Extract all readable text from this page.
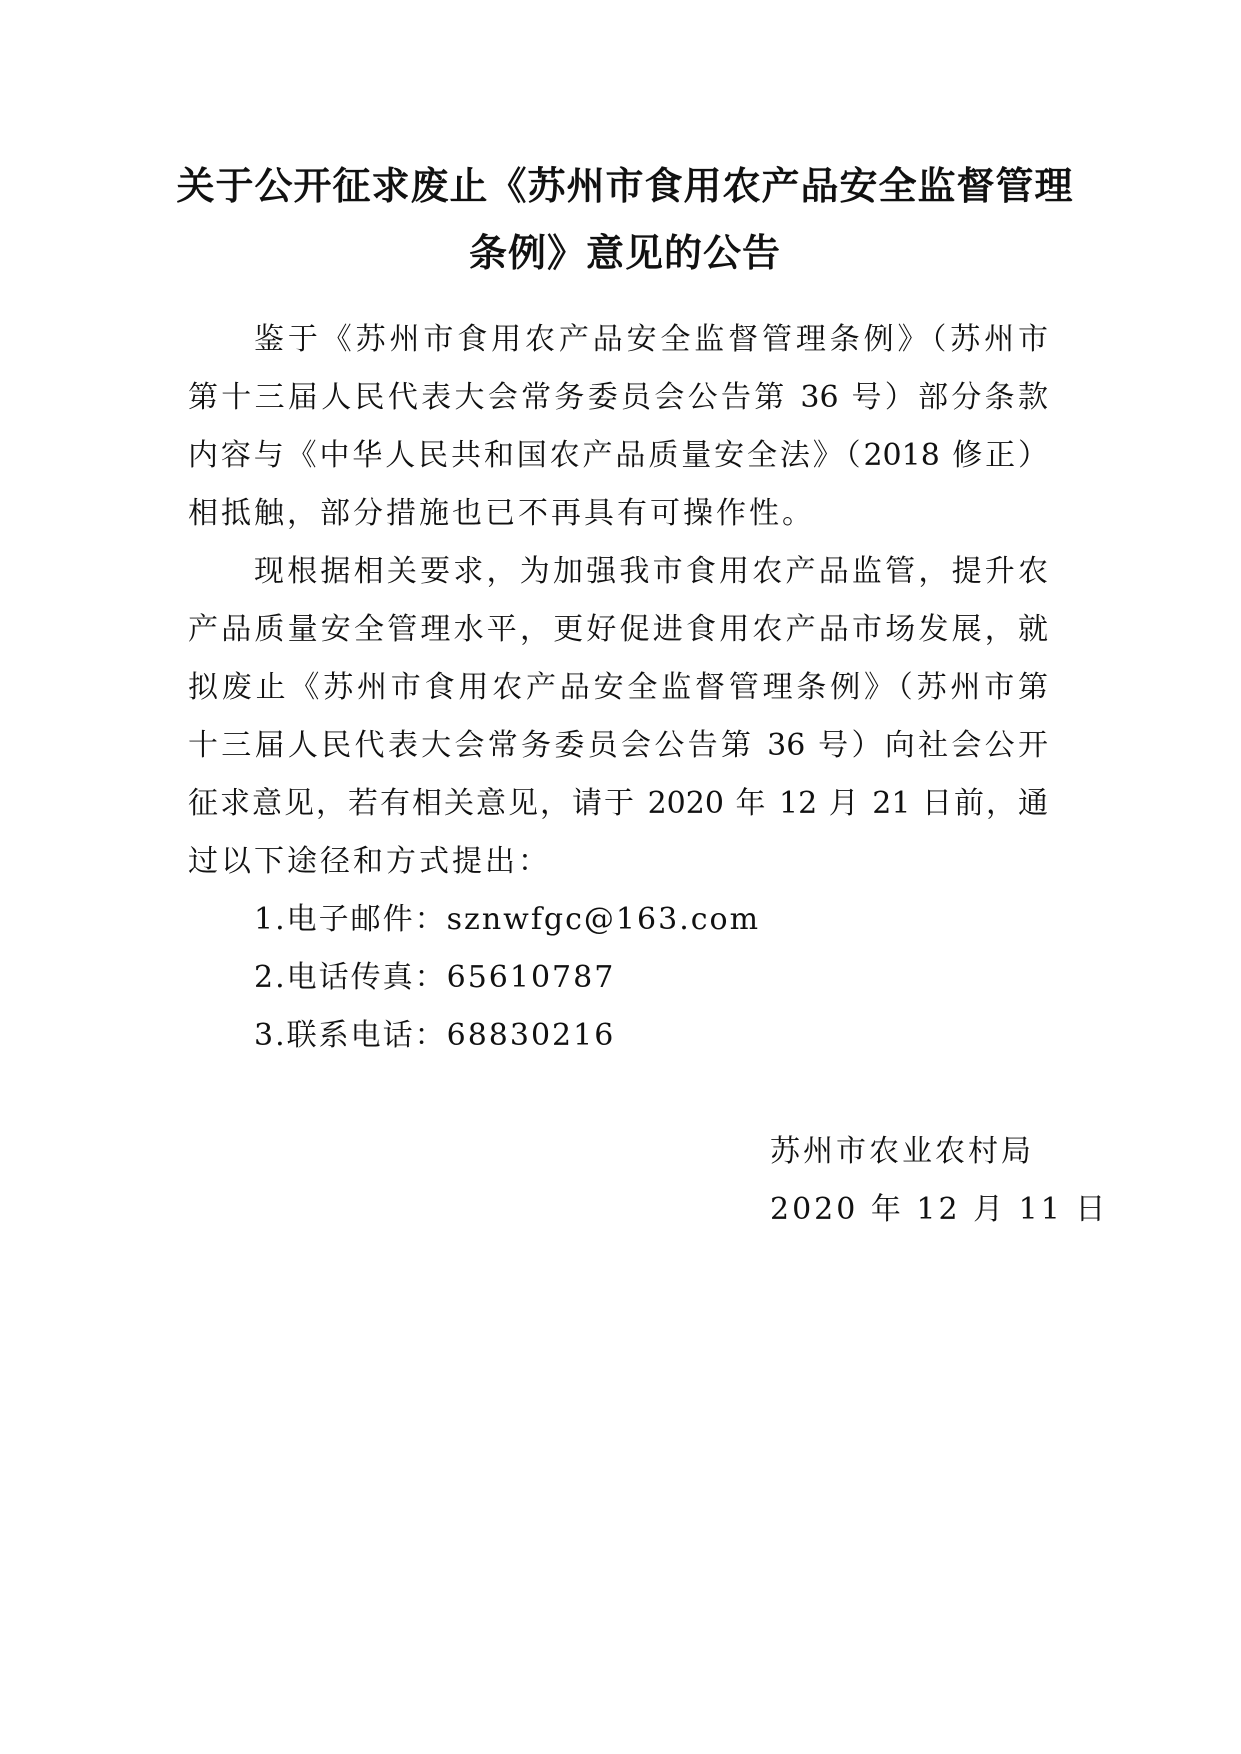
关于公开征求废止《苏州市食用农产品安全监督管理
条例》意见的公告
鉴于《苏州市食用农产品安全监督管理条例》（苏州市
第十三届人民代表大会常务委员会公告第 36 号）部分条款
内容与《中华人民共和国农产品质量安全法》（2018 修正）
相抵触，部分措施也已不再具有可操作性。
现根据相关要求，为加强我市食用农产品监管，提升农
产品质量安全管理水平，更好促进食用农产品市场发展，就
拟废止《苏州市食用农产品安全监督管理条例》（苏州市第
十三届人民代表大会常务委员会公告第 36 号）向社会公开
征求意见，若有相关意见，请于 2020 年 12 月 21 日前，通
过以下途径和方式提出：
1.电子邮件：sznwfgc@163.com
2.电话传真：65610787
3.联系电话：68830216
苏州市农业农村局
2020 年 12 月 11 日
